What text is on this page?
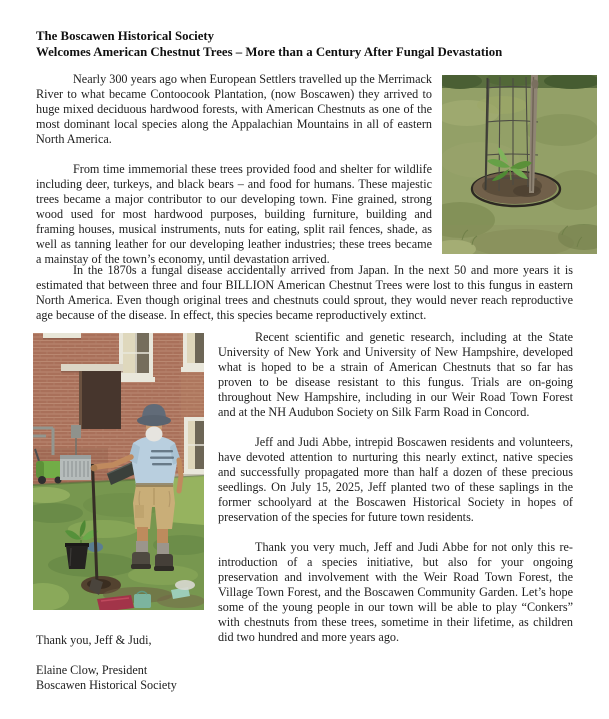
The Boscawen Historical Society
Welcomes American Chestnut Trees – More than a Century After Fungal Devastation

Nearly 300 years ago when European Settlers travelled up the Merrimack River to what became Contoocook Plantation, (now Boscawen) they arrived to huge mixed deciduous hardwood forests, with American Chestnuts as one of the most dominant local species along the Appalachian Mountains in all of eastern North America.

From time immemorial these trees provided food and shelter for wildlife including deer, turkeys, and black bears – and food for humans. These majestic trees became a major contributor to our developing town. Fine grained, strong wood used for most hardwood purposes, building furniture, building and framing houses, musical instruments, nuts for eating, split rail fences, shade, as well as tanning leather for our developing leather industries; these trees became a mainstay of the town’s economy, until devastation arrived.

In the 1870s a fungal disease accidentally arrived from Japan. In the next 50 and more years it is estimated that between three and four BILLION American Chestnut Trees were lost to this fungus in eastern North America. Even though original trees and chestnuts could sprout, they would never reach reproductive age because of the disease. In effect, this species became reproductively extinct.

Recent scientific and genetic research, including at the State University of New York and University of New Hampshire, developed what is hoped to be a strain of American Chestnuts that so far has proven to be disease resistant to this fungus. Trials are on-going throughout New Hampshire, including in our Weir Road Town Forest and at the NH Audubon Society on Silk Farm Road in Concord.

Jeff and Judi Abbe, intrepid Boscawen residents and volunteers, have devoted attention to nurturing this nearly extinct, native species and successfully propagated more than half a dozen of these precious seedlings. On July 15, 2025, Jeff planted two of these saplings in the former schoolyard at the Boscawen Historical Society in hopes of preservation of the species for future town residents.

Thank you very much, Jeff and Judi Abbe for not only this re-introduction of a species initiative, but also for your ongoing preservation and involvement with the Weir Road Town Forest, the Village Town Forest, and the Boscawen Community Garden. Let’s hope some of the young people in our town will be able to play “Conkers” with chestnuts from these trees, sometime in their lifetime, as children did two hundred and more years ago.

Thank you, Jeff & Judi,
Elaine Clow, President
Boscawen Historical Society
